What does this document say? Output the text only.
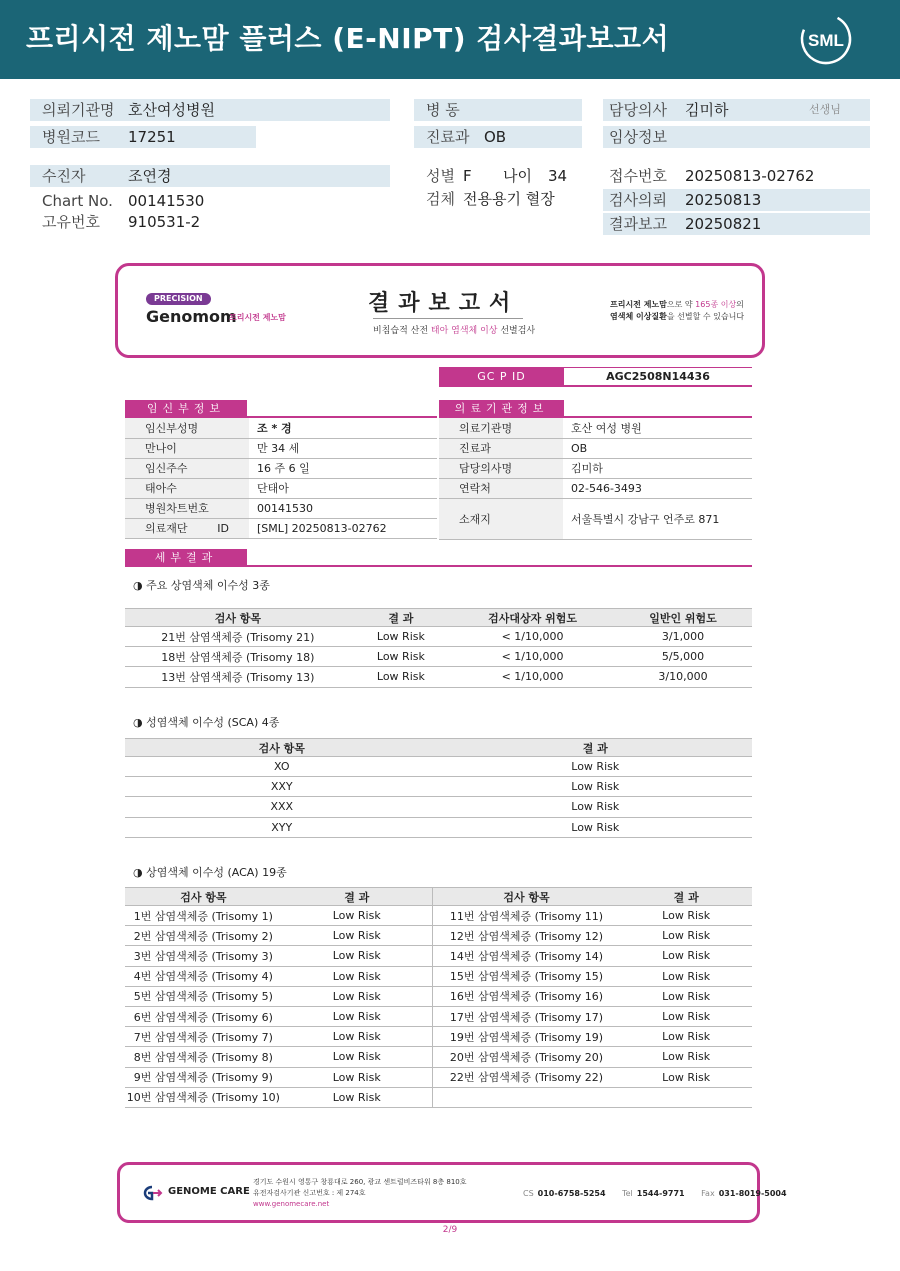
프리시전 제노맘 플러스 (E-NIPT) 검사결과보고서	SML
의뢰기관명 호산여성병원
병원코드 17251
병 동
진료과 OB
담당의사 김미하	선생님
임상정보
수진자	조연경
Chart No. 00141530
고유번호 910531-2
성별 F 나이 34
검체 전용용기 혈장
접수번호 20250813-02762
검사의뢰 20250813
결과보고 20250821
PRECISION
Genomom
프리시전 제노맘
결과보고서
비침습적 산전 태아 염색체 이상 선별검사
프리시전 제노맘으로 약 165종 이상의
염색체 이상질환을 선별할 수 있습니다
GC P ID	AGC2508N14436
임신부정보
임신부성명	조 * 경
만나이	만 34 세
임신주수	16 주 6 일
태아수	단태아
병원차트번호	00141530
의료재단 ID	[SML] 20250813-02762
의료기관정보
의료기관명	호산 여성 병원
진료과	OB
담당의사명	김미하
연락처	02-546-3493
소재지	서울특별시 강남구 언주로 871
세부결과
◑ 주요 상염색체 이수성 3종
검사 항목	결 과	검사대상자 위험도	일반인 위험도
21번 삼염색체증 (Trisomy 21)	Low Risk	< 1/10,000	3/1,000
18번 삼염색체증 (Trisomy 18)	Low Risk	< 1/10,000	5/5,000
13번 삼염색체증 (Trisomy 13)	Low Risk	< 1/10,000	3/10,000
◑ 성염색체 이수성 (SCA) 4종
검사 항목	결 과
XO	Low Risk
XXY	Low Risk
XXX	Low Risk
XYY	Low Risk
◑ 상염색체 이수성 (ACA) 19종
검사 항목	결 과	검사 항목	결 과
1번 삼염색체증 (Trisomy 1)	Low Risk	11번 삼염색체증 (Trisomy 11)	Low Risk
2번 삼염색체증 (Trisomy 2)	Low Risk	12번 삼염색체증 (Trisomy 12)	Low Risk
3번 삼염색체증 (Trisomy 3)	Low Risk	14번 삼염색체증 (Trisomy 14)	Low Risk
4번 삼염색체증 (Trisomy 4)	Low Risk	15번 삼염색체증 (Trisomy 15)	Low Risk
5번 삼염색체증 (Trisomy 5)	Low Risk	16번 삼염색체증 (Trisomy 16)	Low Risk
6번 삼염색체증 (Trisomy 6)	Low Risk	17번 삼염색체증 (Trisomy 17)	Low Risk
7번 삼염색체증 (Trisomy 7)	Low Risk	19번 삼염색체증 (Trisomy 19)	Low Risk
8번 삼염색체증 (Trisomy 8)	Low Risk	20번 삼염색체증 (Trisomy 20)	Low Risk
9번 삼염색체증 (Trisomy 9)	Low Risk	22번 삼염색체증 (Trisomy 22)	Low Risk
10번 삼염색체증 (Trisomy 10)	Low Risk		
GENOME CARE
경기도 수원시 영통구 창룡대로 260, 광교 센트럴비즈타워 8층 810호
유전자검사기관 신고번호 : 제 274호
www.genomecare.net
CS 010-6758-5254 Tel 1544-9771 Fax 031-8019-5004
2/9
